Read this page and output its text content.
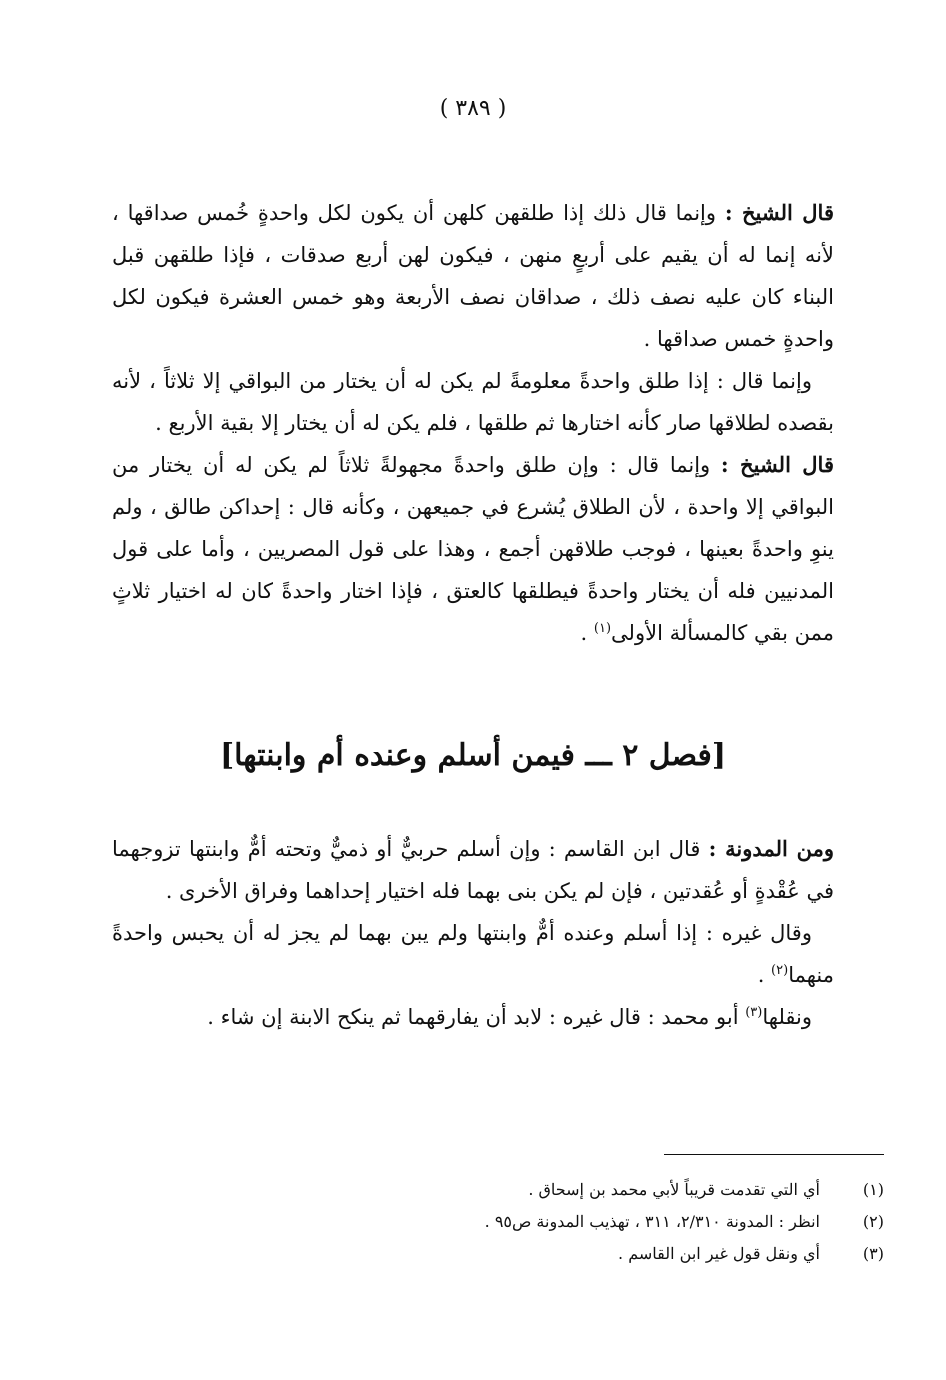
( ٣٨٩ )

قال الشيخ : وإنما قال ذلك إذا طلقهن كلهن أن يكون لكل واحدةٍ خُمس صداقها ، لأنه إنما له أن يقيم على أربعٍ منهن ، فيكون لهن أربع صدقات ، فإذا طلقهن قبل البناء كان عليه نصف ذلك ، صداقان نصف الأربعة وهو خمس العشرة فيكون لكل واحدةٍ خمس صداقها .

وإنما قال : إذا طلق واحدةً معلومةً لم يكن له أن يختار من البواقي إلا ثلاثاً ، لأنه بقصده لطلاقها صار كأنه اختارها ثم طلقها ، فلم يكن له أن يختار إلا بقية الأربع .

قال الشيخ : وإنما قال : وإن طلق واحدةً مجهولةً ثلاثاً لم يكن له أن يختار من البواقي إلا واحدة ، لأن الطلاق يُشرع في جميعهن ، وكأنه قال : إحداكن طالق ، ولم ينوِ واحدةً بعينها ، فوجب طلاقهن أجمع ، وهذا على قول المصريين ، وأما على قول المدنيين فله أن يختار واحدةً فيطلقها كالعتق ، فإذا اختار واحدةً كان له اختيار ثلاثٍ ممن بقي كالمسألة الأولى$^{(١)}$ .

[فصل ٢ ـــ فيمن أسلم وعنده أم وابنتها]

ومن المدونة : قال ابن القاسم : وإن أسلم حربيٌّ أو ذميٌّ وتحته أمٌّ وابنتها تزوجهما في عُقْدةٍ أو عُقدتين ، فإن لم يكن بنى بهما فله اختيار إحداهما وفراق الأخرى .

وقال غيره : إذا أسلم وعنده أمٌّ وابنتها ولم يبن بهما لم يجز له أن يحبس واحدةً منهما$^{(٢)}$ .

ونقلها$^{(٣)}$ أبو محمد : قال غيره : لابد أن يفارقهما ثم ينكح الابنة إن شاء .

(١)
أي التي تقدمت قريباً لأبي محمد بن إسحاق .
(٢)
انظر : المدونة ٢/٣١٠، ٣١١ ، تهذيب المدونة ص٩٥ .
(٣)
أي ونقل قول غير ابن القاسم .
